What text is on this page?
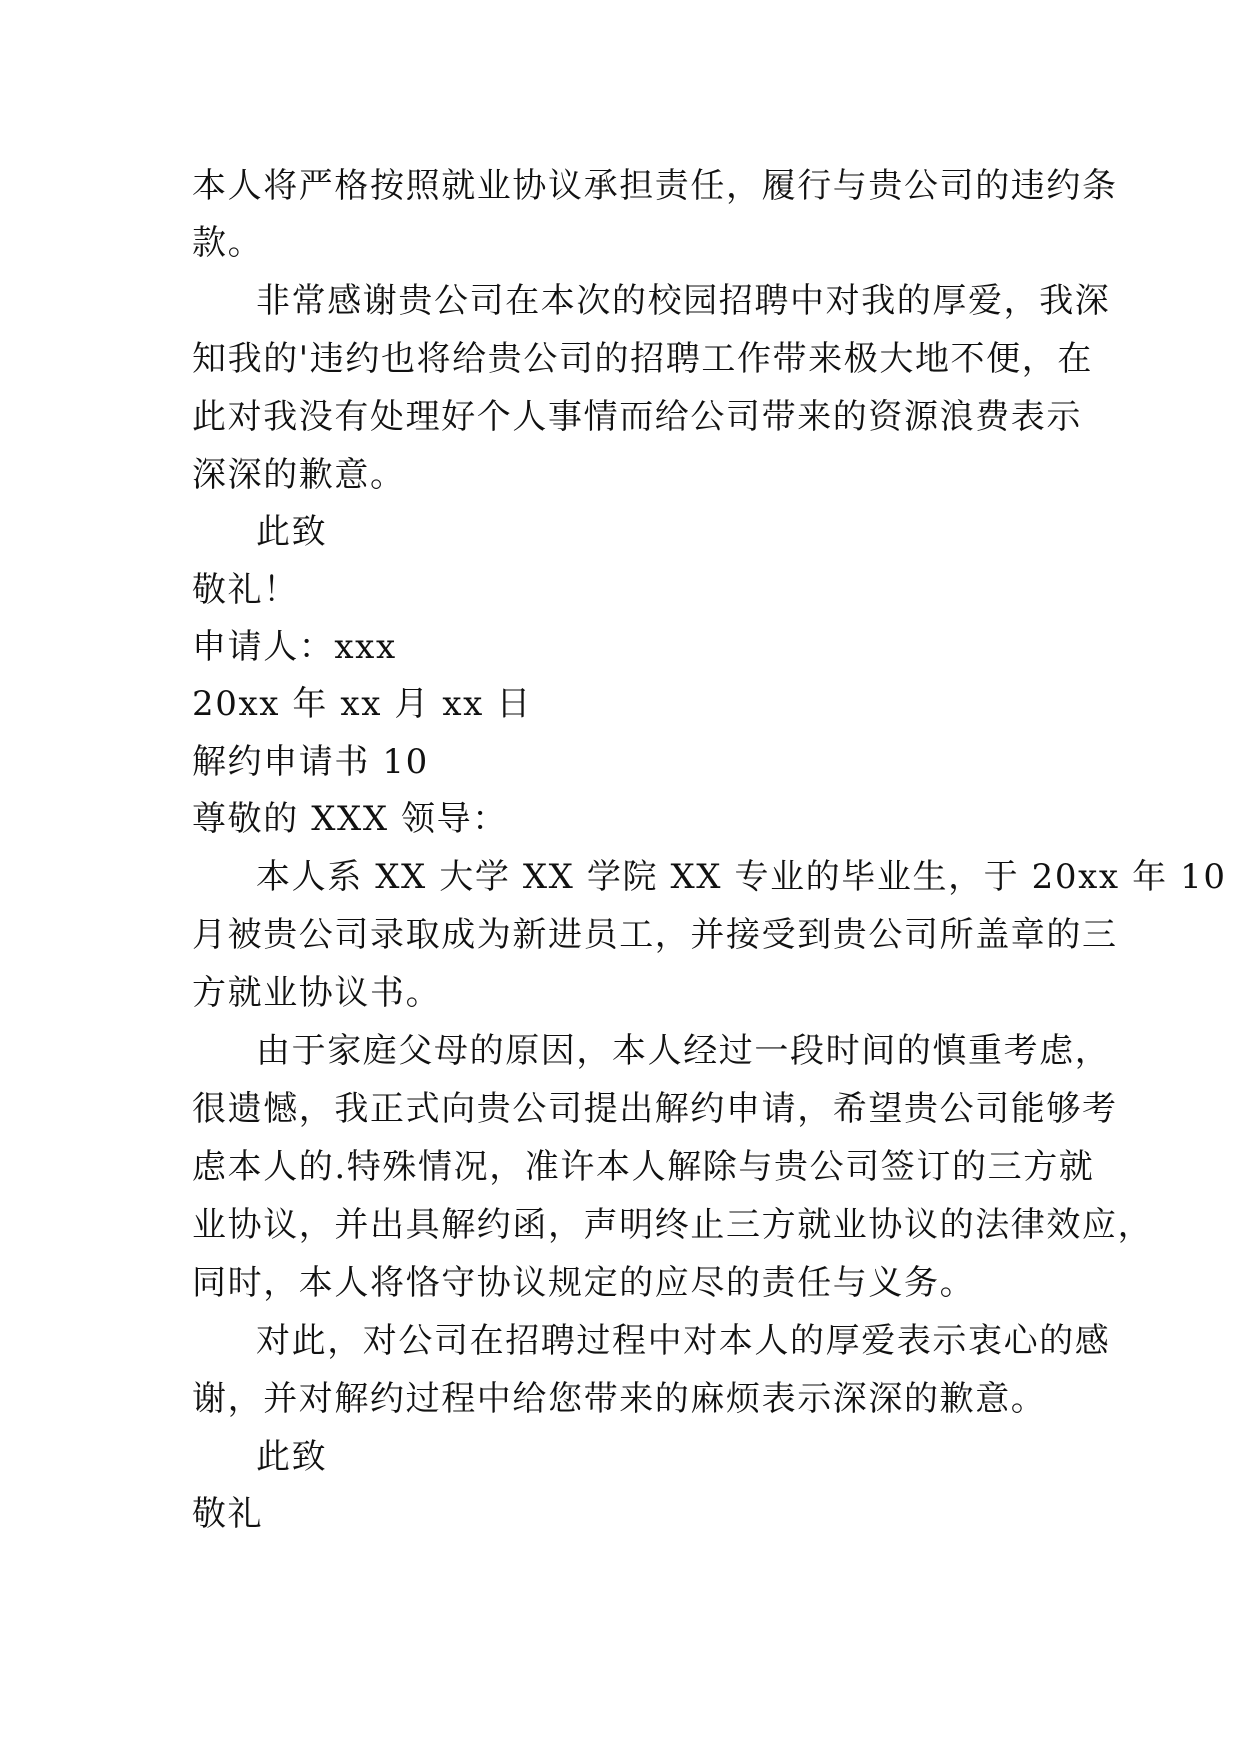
本人将严格按照就业协议承担责任，履行与贵公司的违约条

款。

非常感谢贵公司在本次的校园招聘中对我的厚爱，我深

知我的'违约也将给贵公司的招聘工作带来极大地不便，在

此对我没有处理好个人事情而给公司带来的资源浪费表示

深深的歉意。

此致

敬礼！

申请人：xxx

20xx 年 xx 月 xx 日

解约申请书 10

尊敬的 XXX 领导：

本人系 XX 大学 XX 学院 XX 专业的毕业生，于 20xx 年 10

月被贵公司录取成为新进员工，并接受到贵公司所盖章的三

方就业协议书。

由于家庭父母的原因，本人经过一段时间的慎重考虑，

很遗憾，我正式向贵公司提出解约申请，希望贵公司能够考

虑本人的.特殊情况，准许本人解除与贵公司签订的三方就

业协议，并出具解约函，声明终止三方就业协议的法律效应，

同时，本人将恪守协议规定的应尽的责任与义务。

对此，对公司在招聘过程中对本人的厚爱表示衷心的感

谢，并对解约过程中给您带来的麻烦表示深深的歉意。

此致

敬礼
